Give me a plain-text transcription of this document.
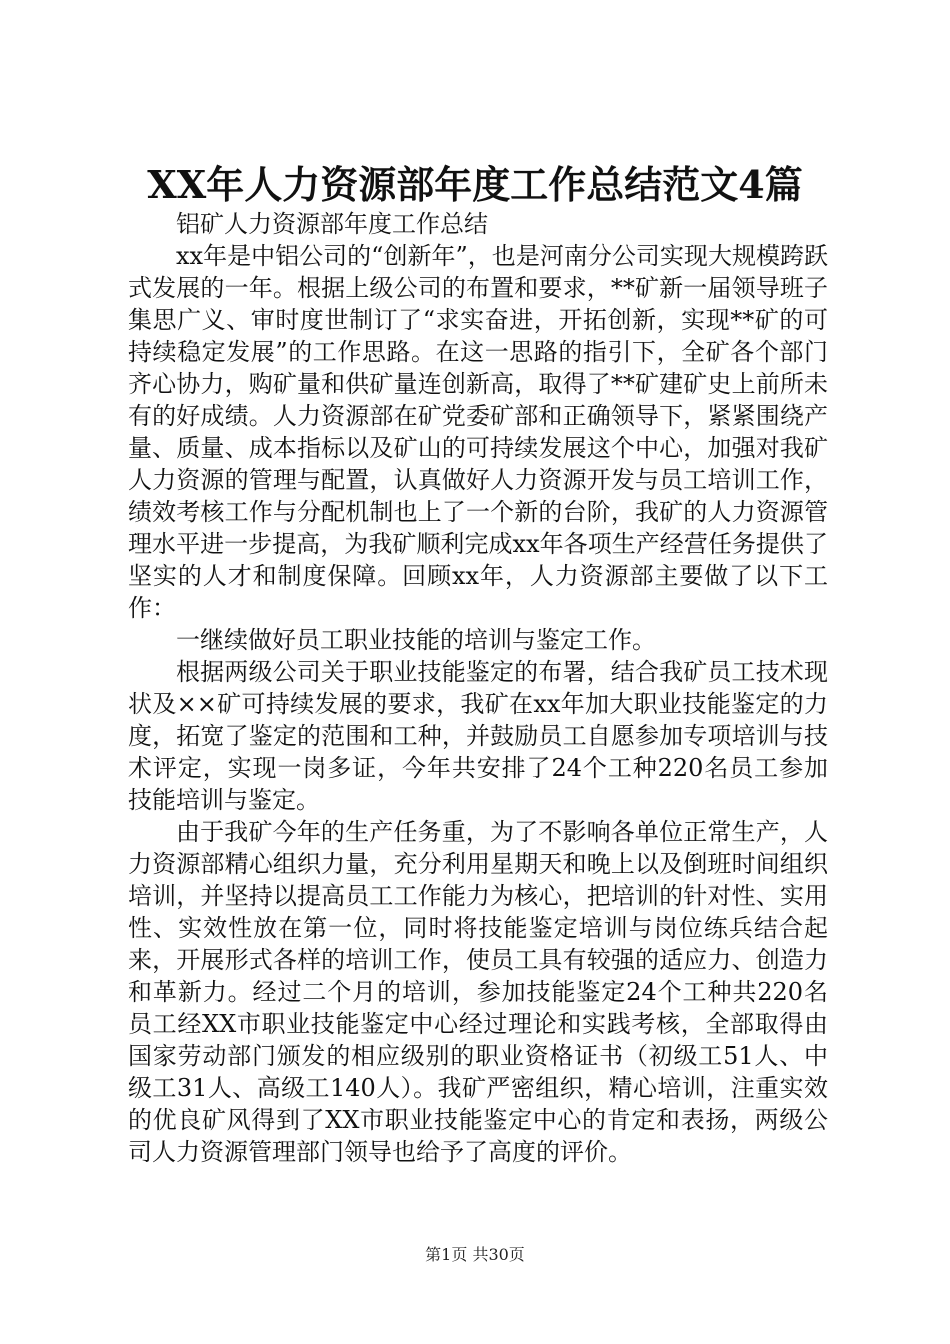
XX年人力资源部年度工作总结范文4篇

铝矿人力资源部年度工作总结

xx年是中铝公司的“创新年”，也是河南分公司实现大规模跨跃式发展的一年。根据上级公司的布置和要求，**矿新一届领导班子集思广义、审时度世制订了“求实奋进，开拓创新，实现**矿的可持续稳定发展”的工作思路。在这一思路的指引下，全矿各个部门齐心协力，购矿量和供矿量连创新高，取得了**矿建矿史上前所未有的好成绩。人力资源部在矿党委矿部和正确领导下，紧紧围绕产量、质量、成本指标以及矿山的可持续发展这个中心，加强对我矿人力资源的管理与配置，认真做好人力资源开发与员工培训工作，绩效考核工作与分配机制也上了一个新的台阶，我矿的人力资源管理水平进一步提高，为我矿顺利完成xx年各项生产经营任务提供了坚实的人才和制度保障。回顾xx年，人力资源部主要做了以下工作：

一继续做好员工职业技能的培训与鉴定工作。

根据两级公司关于职业技能鉴定的布署，结合我矿员工技术现状及××矿可持续发展的要求，我矿在xx年加大职业技能鉴定的力度，拓宽了鉴定的范围和工种，并鼓励员工自愿参加专项培训与技术评定，实现一岗多证，今年共安排了24个工种220名员工参加技能培训与鉴定。

由于我矿今年的生产任务重，为了不影响各单位正常生产，人力资源部精心组织力量，充分利用星期天和晚上以及倒班时间组织培训，并坚持以提高员工工作能力为核心，把培训的针对性、实用性、实效性放在第一位，同时将技能鉴定培训与岗位练兵结合起来，开展形式各样的培训工作，使员工具有较强的适应力、创造力和革新力。经过二个月的培训，参加技能鉴定24个工种共220名员工经XX市职业技能鉴定中心经过理论和实践考核，全部取得由国家劳动部门颁发的相应级别的职业资格证书（初级工51人、中级工31人、高级工140人）。我矿严密组织，精心培训，注重实效的优良矿风得到了XX市职业技能鉴定中心的肯定和表扬，两级公司人力资源管理部门领导也给予了高度的评价。

第1页 共30页
